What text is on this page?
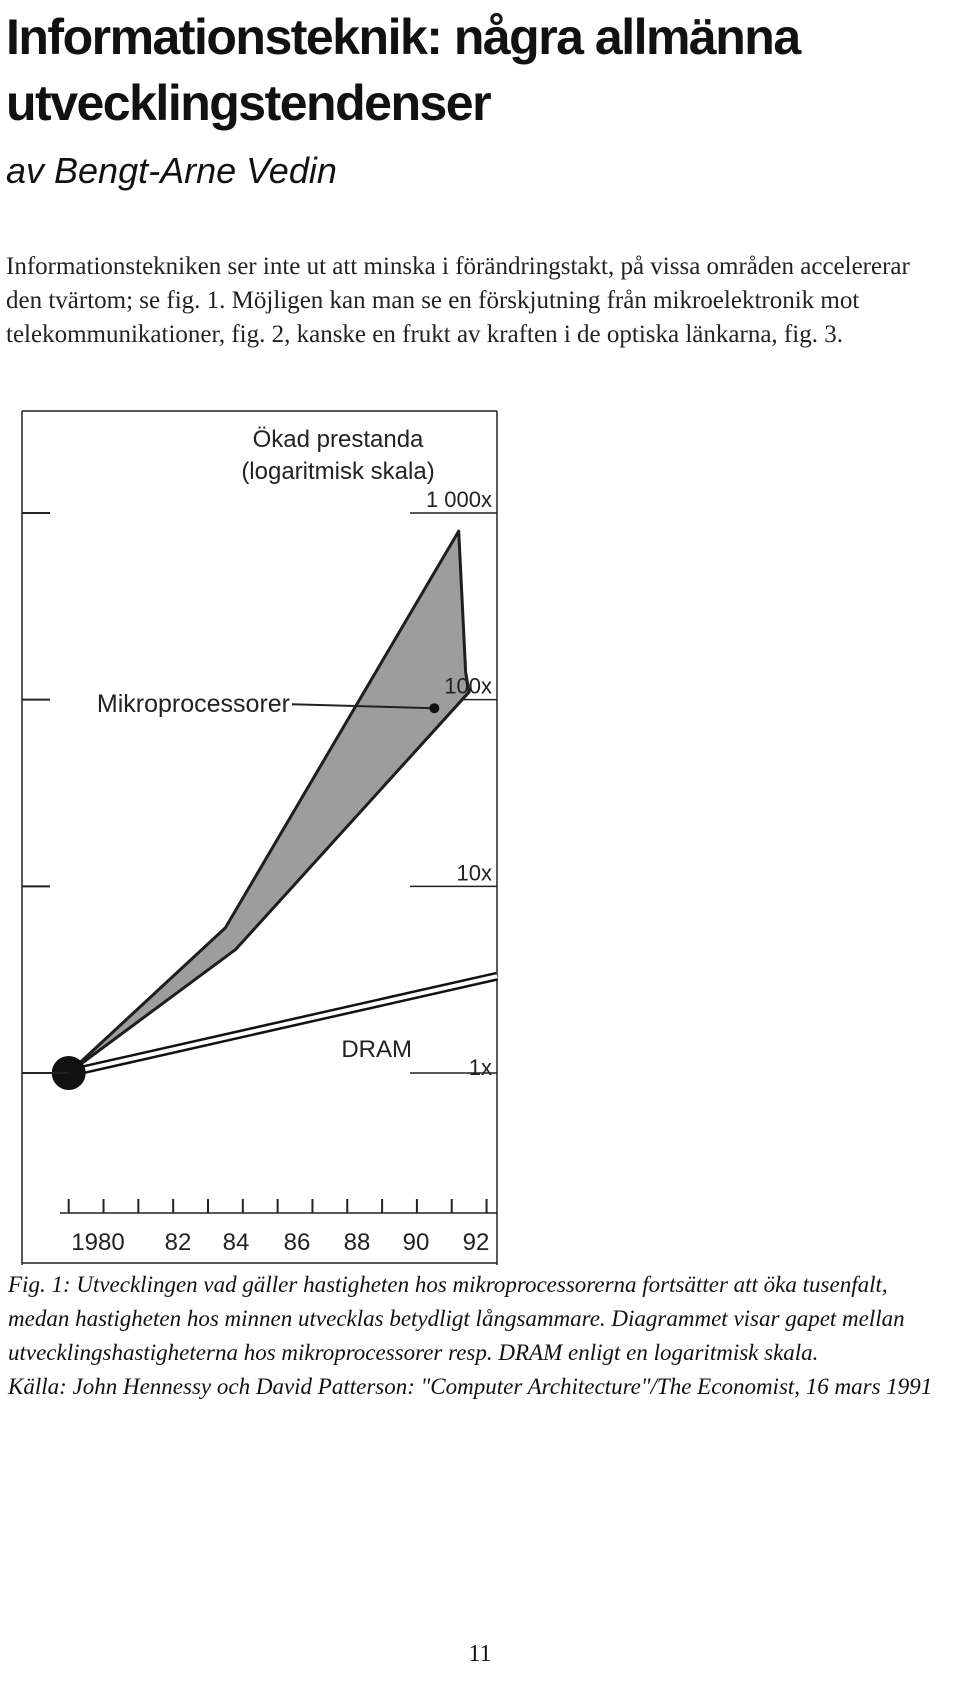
Informationsteknik: några allmänna utvecklingstendenser

av Bengt-Arne Vedin

Informationstekniken ser inte ut att minska i förändringstakt, på vissa områden accelererar den tvärtom; se fig. 1. Möjligen kan man se en förskjutning från mikroelektronik mot telekommunikationer, fig. 2, kanske en frukt av kraften i de optiska länkarna, fig. 3.

Ökad prestanda
(logaritmisk skala)
Mikroprocessorer
DRAM
1x
10x
100x
1 000x
1980 82 84 86 88 90 92

Fig. 1: Utvecklingen vad gäller hastigheten hos mikroprocessorerna fortsätter att öka tusenfalt, medan hastigheten hos minnen utvecklas betydligt långsammare. Diagrammet visar gapet mellan utvecklingshastigheterna hos mikroprocessorer resp. DRAM enligt en logaritmisk skala.
Källa: John Hennessy och David Patterson: "Computer Architecture"/The Economist, 16 mars 1991

11
